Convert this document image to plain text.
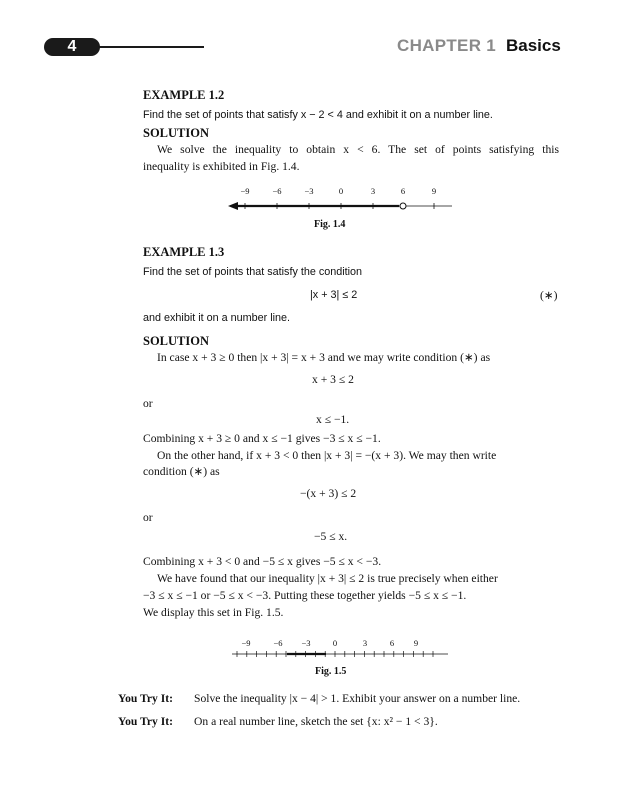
4	CHAPTER 1 Basics
EXAMPLE 1.2
Find the set of points that satisfy x − 2 < 4 and exhibit it on a number line.
SOLUTION
We solve the inequality to obtain x < 6. The set of points satisfying this
inequality is exhibited in Fig. 1.4.
−9	−6	−3	0	3	6	9
Fig. 1.4
EXAMPLE 1.3
Find the set of points that satisfy the condition
|x + 3| ≤ 2	(∗)
and exhibit it on a number line.
SOLUTION
In case x + 3 ≥ 0 then |x + 3| = x + 3 and we may write condition (∗) as
x + 3 ≤ 2
or
x ≤ −1.
Combining x + 3 ≥ 0 and x ≤ −1 gives −3 ≤ x ≤ −1.
On the other hand, if x + 3 < 0 then |x + 3| = −(x + 3). We may then write
condition (∗) as
−(x + 3) ≤ 2
or
−5 ≤ x.
Combining x + 3 < 0 and −5 ≤ x gives −5 ≤ x < −3.
We have found that our inequality |x + 3| ≤ 2 is true precisely when either
−3 ≤ x ≤ −1 or −5 ≤ x < −3. Putting these together yields −5 ≤ x ≤ −1.
We display this set in Fig. 1.5.
−9	−6 −3	0	3	6 9
Fig. 1.5
You Try It: Solve the inequality |x − 4| > 1. Exhibit your answer on a number line.
You Try It: On a real number line, sketch the set {x: x² − 1 < 3}.
